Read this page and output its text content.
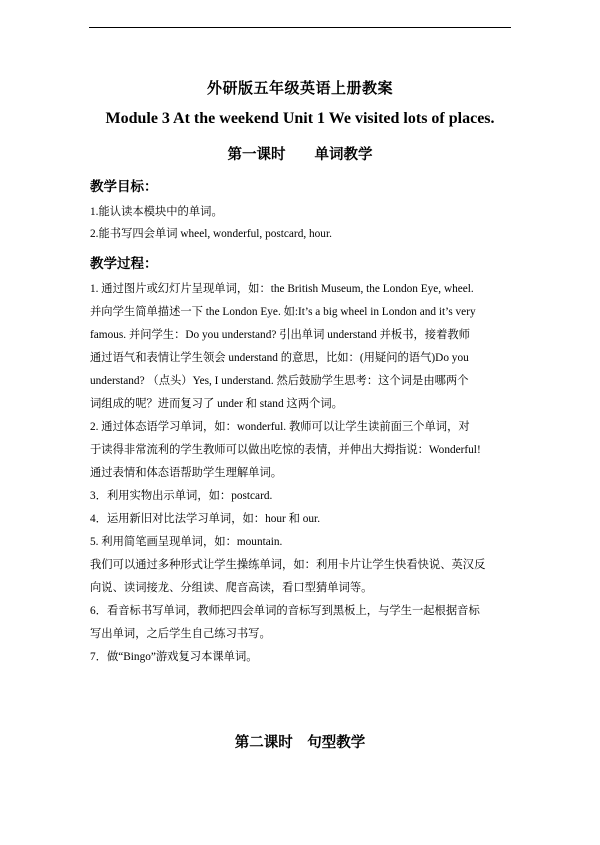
外研版五年级英语上册教案
Module 3 At the weekend Unit 1 We visited lots of places.
第一课时　　单词教学
教学目标：
1.能认读本模块中的单词。
2.能书写四会单词 wheel, wonderful, postcard, hour.
教学过程：
1. 通过图片或幻灯片呈现单词，如：the British Museum, the London Eye, wheel.
并向学生简单描述一下 the London Eye. 如:It’s a big wheel in London and it’s very
famous. 并问学生：Do you understand? 引出单词 understand 并板书，接着教师
通过语气和表情让学生领会 understand 的意思，比如：(用疑问的语气)Do you
understand? （点头）Yes, I understand. 然后鼓励学生思考：这个词是由哪两个
词组成的呢？进而复习了 under 和 stand 这两个词。
2. 通过体态语学习单词，如：wonderful. 教师可以让学生读前面三个单词，对
于读得非常流利的学生教师可以做出吃惊的表情，并伸出大拇指说：Wonderful!
通过表情和体态语帮助学生理解单词。
3．利用实物出示单词，如：postcard.
4．运用新旧对比法学习单词，如：hour 和 our.
5. 利用简笔画呈现单词，如：mountain.
我们可以通过多种形式让学生操练单词，如：利用卡片让学生快看快说、英汉反
向说、读词接龙、分组读、爬音高读，看口型猜单词等。
6．看音标书写单词，教师把四会单词的音标写到黑板上，与学生一起根据音标
写出单词，之后学生自己练习书写。
7．做“Bingo”游戏复习本课单词。
第二课时　句型教学
